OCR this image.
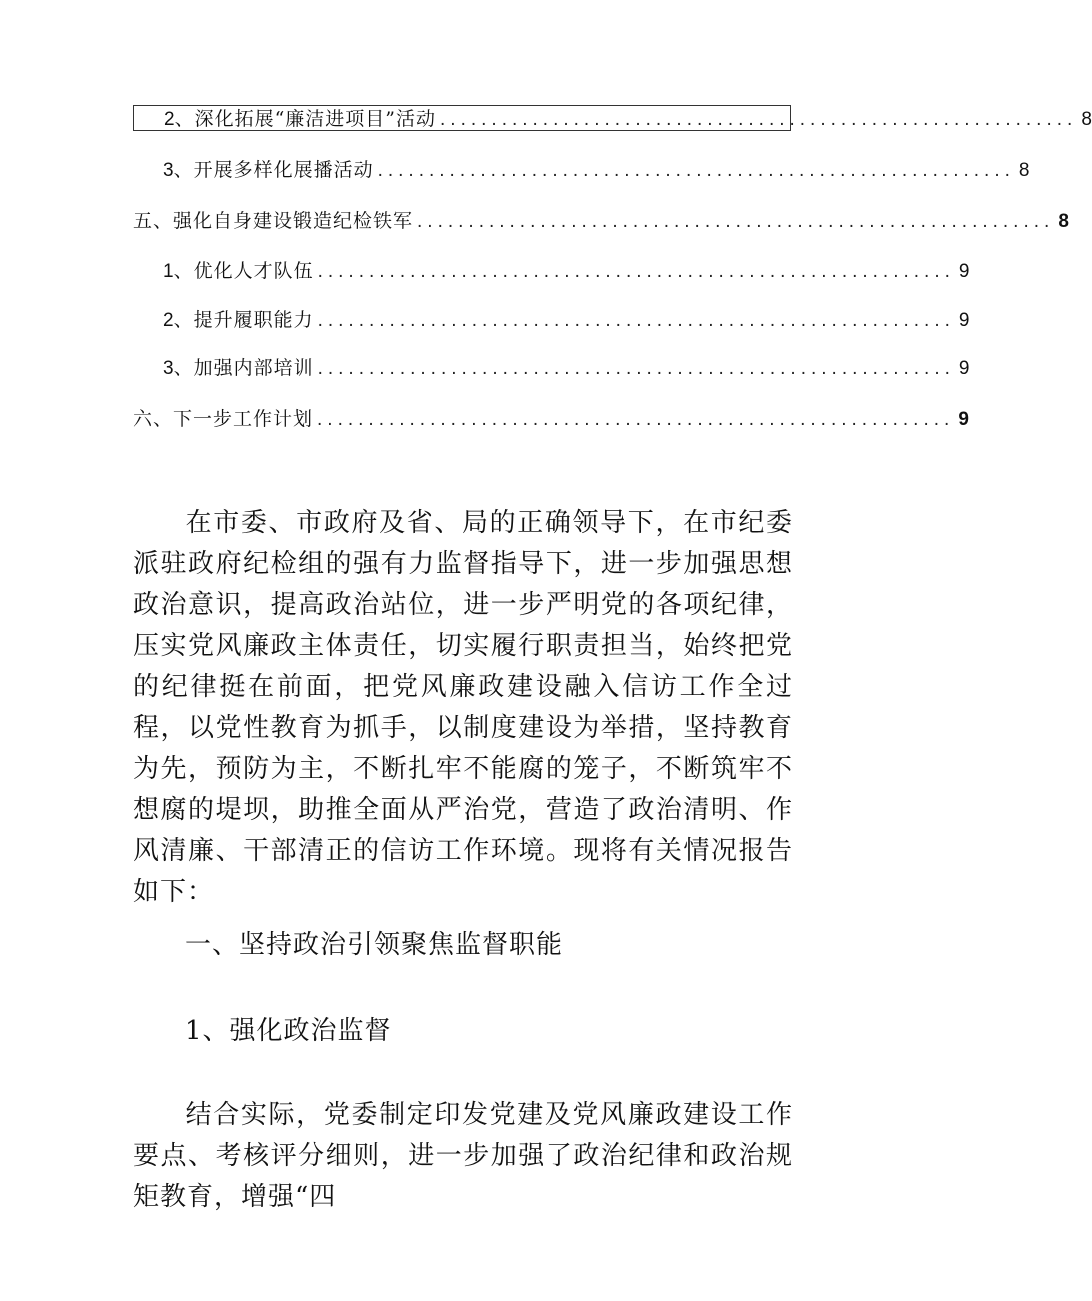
2 、深化拓展“廉洁进项目”活动 .............................................................. 8
3 、开展多样化展播活动 .............................................................. 8
五、强化自身建设锻造纪检铁军 .............................................................. 8
1 、优化人才队伍 .............................................................. 9
2 、提升履职能力 .............................................................. 9
3 、加强内部培训 .............................................................. 9
六、下一步工作计划 .............................................................. 9

在市委、市政府及省、局的正确领导下，在市纪委派驻政府纪检组的强有力监督指导下，进一步加强思想政治意识，提高政治站位，进一步严明党的各项纪律，压实党风廉政主体责任，切实履行职责担当，始终把党的纪律挺在前面，把党风廉政建设融入信访工作全过程，以党性教育为抓手，以制度建设为举措，坚持教育为先，预防为主，不断扎牢不能腐的笼子，不断筑牢不想腐的堤坝，助推全面从严治党，营造了政治清明、作风清廉、干部清正的信访工作环境。现将有关情况报告如下：

一、坚持政治引领聚焦监督职能
1、强化政治监督

结合实际，党委制定印发党建及党风廉政建设工作要点、考核评分细则，进一步加强了政治纪律和政治规矩教育，增强“四
